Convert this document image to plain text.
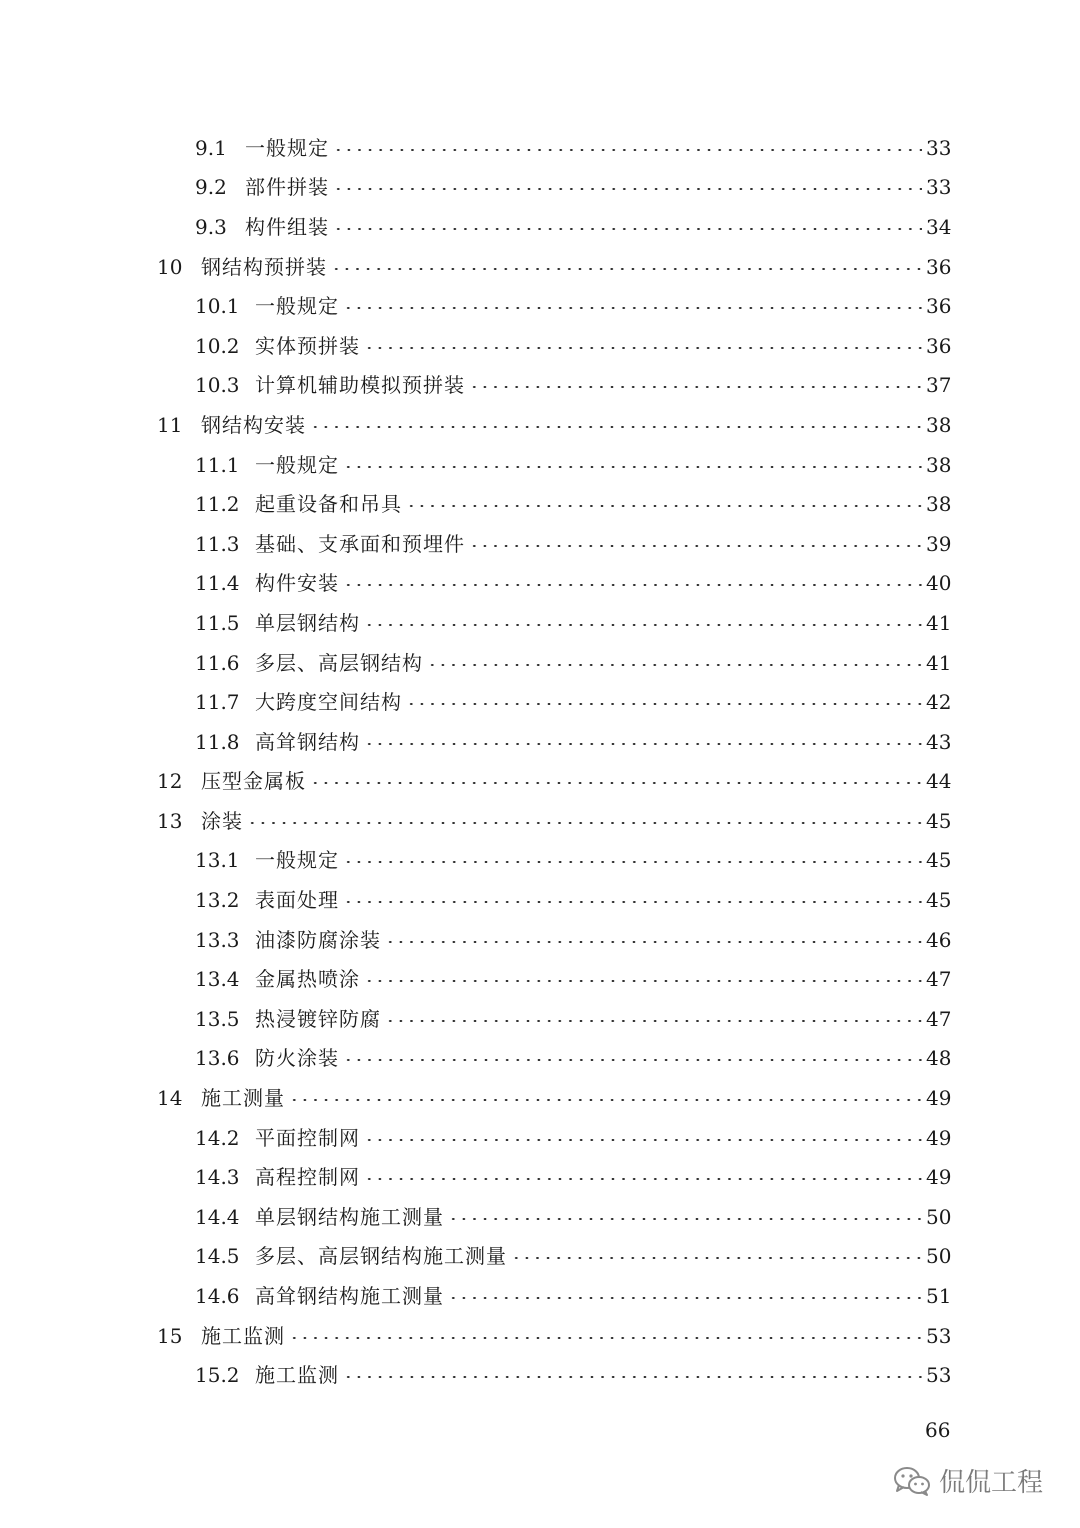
9.1 一般规定	33
9.2 部件拼装	33
9.3 构件组装	34
10 钢结构预拼装	36
10.1 一般规定	36
10.2 实体预拼装	36
10.3 计算机辅助模拟预拼装	37
11 钢结构安装	38
11.1 一般规定	38
11.2 起重设备和吊具	38
11.3 基础、支承面和预埋件	39
11.4 构件安装	40
11.5 单层钢结构	41
11.6 多层、高层钢结构	41
11.7 大跨度空间结构	42
11.8 高耸钢结构	43
12 压型金属板	44
13 涂装	45
13.1 一般规定	45
13.2 表面处理	45
13.3 油漆防腐涂装	46
13.4 金属热喷涂	47
13.5 热浸镀锌防腐	47
13.6 防火涂装	48
14 施工测量	49
14.2 平面控制网	49
14.3 高程控制网	49
14.4 单层钢结构施工测量	50
14.5 多层、高层钢结构施工测量	50
14.6 高耸钢结构施工测量	51
15 施工监测	53
15.2 施工监测	53
66
侃侃工程
